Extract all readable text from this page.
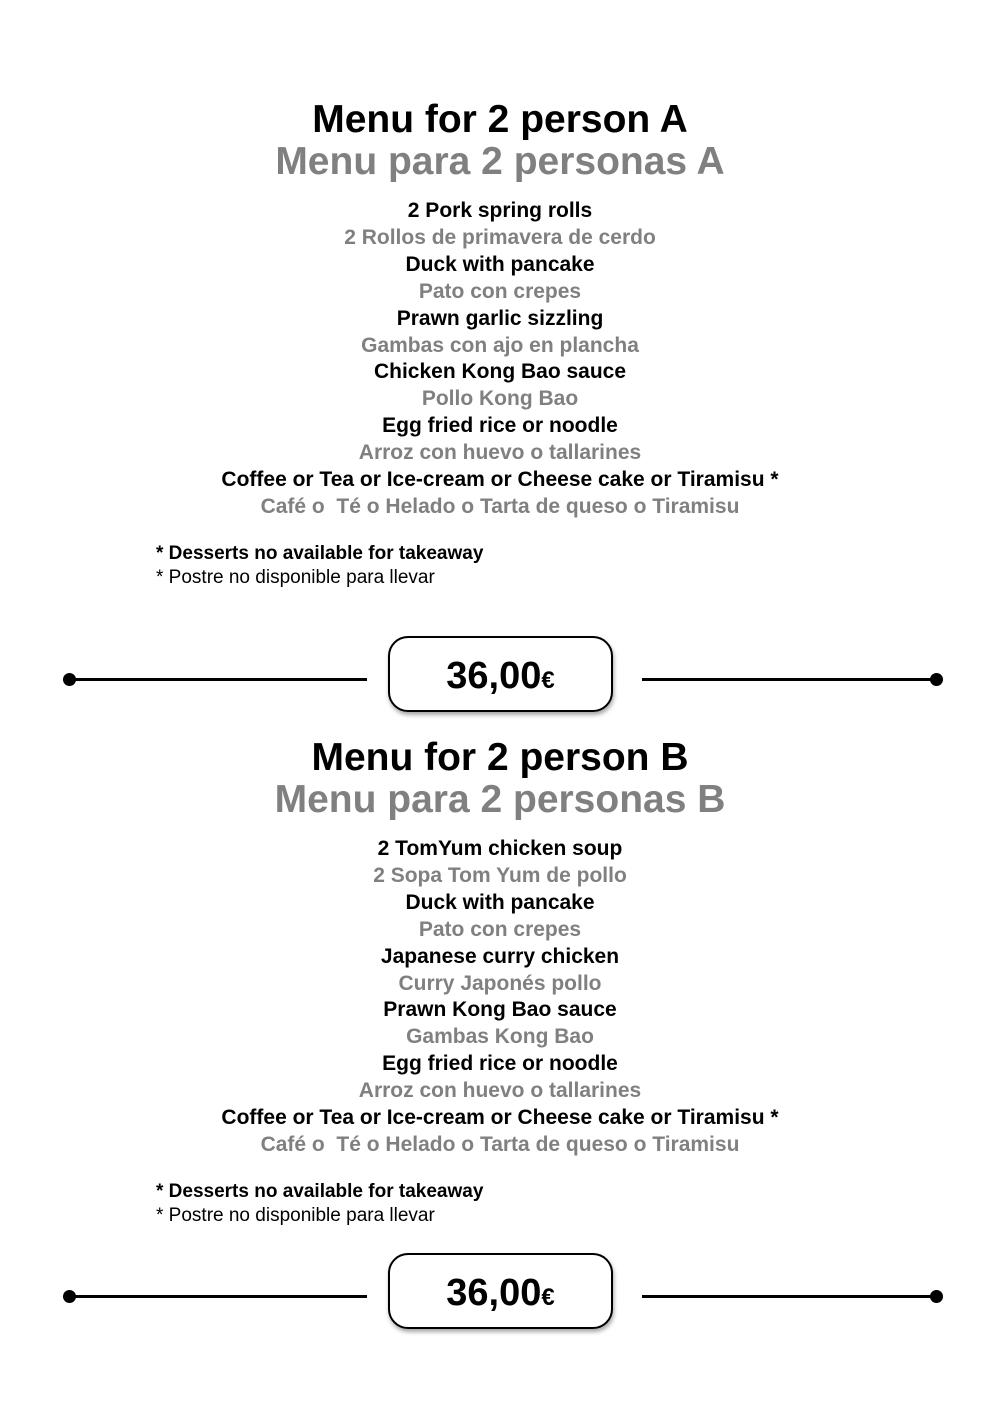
Menu for 2 person A
Menu para 2 personas A
2 Pork spring rolls
2 Rollos de primavera de cerdo
Duck with pancake
Pato con crepes
Prawn garlic sizzling
Gambas con ajo en plancha
Chicken Kong Bao sauce
Pollo Kong Bao
Egg fried rice or noodle
Arroz con huevo o tallarines
Coffee or Tea or Ice-cream or Cheese cake or Tiramisu *
Café o  Té o Helado o Tarta de queso o Tiramisu
* Desserts no available for takeaway
* Postre no disponible para llevar
36,00€
Menu for 2 person B
Menu para 2 personas B
2 TomYum chicken soup
2 Sopa Tom Yum de pollo
Duck with pancake
Pato con crepes
Japanese curry chicken
Curry Japonés pollo
Prawn Kong Bao sauce
Gambas Kong Bao
Egg fried rice or noodle
Arroz con huevo o tallarines
Coffee or Tea or Ice-cream or Cheese cake or Tiramisu *
Café o  Té o Helado o Tarta de queso o Tiramisu
* Desserts no available for takeaway
* Postre no disponible para llevar
36,00€
